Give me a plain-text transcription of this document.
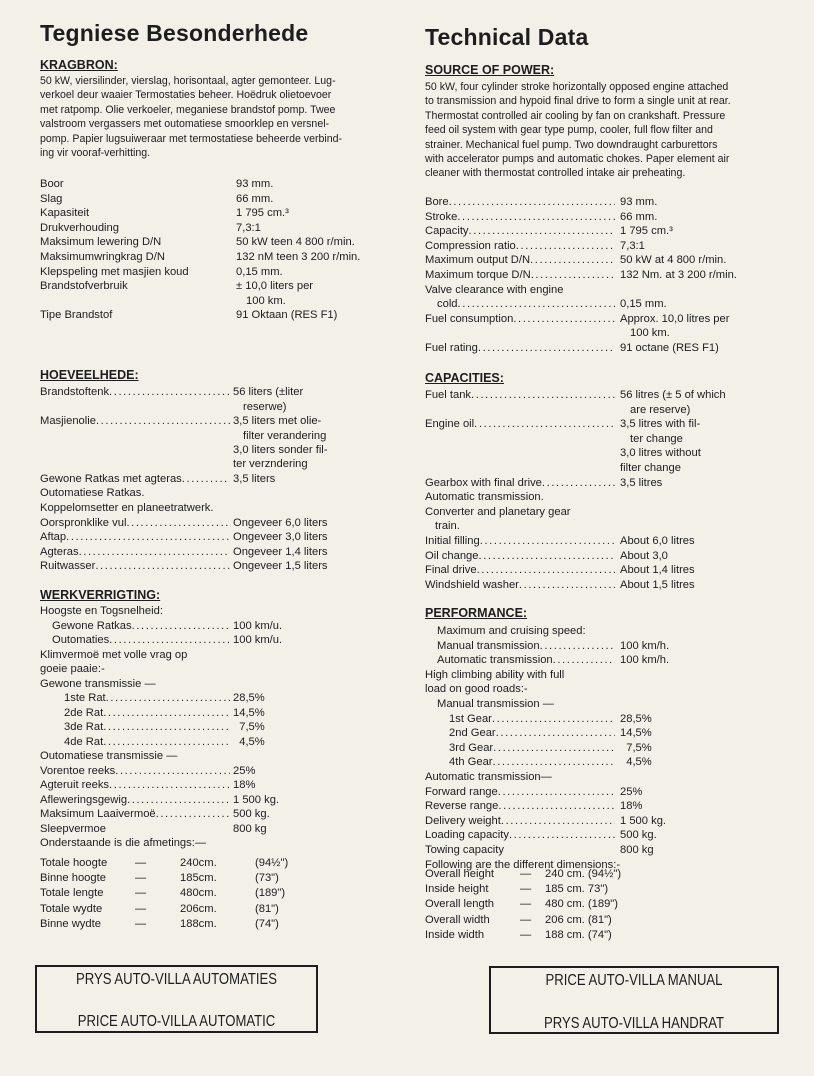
Tegniese Besonderhede
KRAGBRON:
50 kW, viersilinder, vierslag, horisontaal, agter gemonteer. Lug-
verkoel deur waaier Termostaties beheer. Hoëdruk olietoevoer
met ratpomp. Olie verkoeler, meganiese brandstof pomp. Twee
valstroom vergassers met outomatiese smoorklep en versnel-
pomp. Papier lugsuiweraar met termostatiese beheerde verbind-
ing vir vooraf-verhitting.
Boor	93 mm.
Slag	66 mm.
Kapasiteit	1 795 cm.³
Drukverhouding	7,3:1
Maksimum lewering D/N	50 kW teen 4 800 r/min.
Maksimumwringkrag D/N	132 nM teen 3 200 r/min.
Klepspeling met masjien koud	0,15 mm.
Brandstofverbruik	± 10,0 liters per
100 km.
Tipe Brandstof	91 Oktaan (RES F1)
HOEVEELHEDE:
Brandstoftenk .....	56 liters (±liter
reserwe)
Masjienolie .....	3,5 liters met olie-
filter verandering
3,0 liters sonder fil-
ter verzndering
Gewone Ratkas met agteras .....	3,5 liters
Outomatiese Ratkas.
Koppelomsetter en planeetratwerk.
Oorspronklike vul .....	Ongeveer 6,0 liters
Aftap .....	Ongeveer 3,0 liters
Agteras .....	Ongeveer 1,4 liters
Ruitwasser .....	Ongeveer 1,5 liters
WERKVERRIGTING:
Hoogste en Togsnelheid:
Gewone Ratkas .....	100 km/u.
Outomaties .....	100 km/u.
Klimvermoë met volle vrag op
goeie paaie:-
Gewone transmissie —
1ste Rat .....	28,5%
2de Rat .....	14,5%
3de Rat .....	7,5%
4de Rat .....	4,5%
Outomatiese transmissie —
Vorentoe reeks .....	25%
Agteruit reeks .....	18%
Afleweringsgewig .....	1 500 kg.
Maksimum Laaivermoë .....	500 kg.
Sleepvermoe	800 kg
Onderstaande is die afmetings:—
Totale hoogte	—	240cm.	(94½")
Binne hoogte	—	185cm.	(73")
Totale lengte	—	480cm.	(189")
Totale wydte	—	206cm.	(81")
Binne wydte	—	188cm.	(74")
Technical Data
SOURCE OF POWER:
50 kW, four cylinder stroke horizontally opposed engine attached
to transmission and hypoid final drive to form a single unit at rear.
Thermostat controlled air cooling by fan on crankshaft. Pressure
feed oil system with gear type pump, cooler, full flow filter and
strainer. Mechanical fuel pump. Two downdraught carburettors
with accelerator pumps and automatic chokes. Paper element air
cleaner with thermostat controlled intake air preheating.
Bore .....	93 mm.
Stroke .....	66 mm.
Capacity .....	1 795 cm.³
Compression ratio .....	7,3:1
Maximum output D/N .....	50 kW at 4 800 r/min.
Maximum torque D/N .....	132 Nm. at 3 200 r/min.
Valve clearance with engine
cold .....	0,15 mm.
Fuel consumption .....	Approx. 10,0 litres per
100 km.
Fuel rating .....	91 octane (RES F1)
CAPACITIES:
Fuel tank .....	56 litres (± 5 of which
are reserve)
Engine oil .....	3,5 litres with fil-
ter change
3,0 litres without
filter change
Gearbox with final drive .....	3,5 litres
Automatic transmission.
Converter and planetary gear
train.
Initial filling .....	About 6,0 litres
Oil change .....	About 3,0
Final drive .....	About 1,4 litres
Windshield washer .....	About 1,5 litres
PERFORMANCE:
Maximum and cruising speed:
Manual transmission .....	100 km/h.
Automatic transmission .....	100 km/h.
High climbing ability with full
load on good roads:-
Manual transmission —
1st Gear .....	28,5%
2nd Gear .....	14,5%
3rd Gear .....	7,5%
4th Gear .....	4,5%
Automatic transmission—
Forward range .....	25%
Reverse range .....	18%
Delivery weight .....	1 500 kg.
Loading capacity .....	500 kg.
Towing capacity	800 kg
Following are the different dimensions:-
Overall height	—	240 cm. (94½")
Inside height	—	185 cm. 73")
Overall length	—	480 cm. (189")
Overall width	—	206 cm. (81")
Inside width	—	188 cm. (74")
PRYS AUTO-VILLA AUTOMATIES
PRICE AUTO-VILLA AUTOMATIC
PRICE AUTO-VILLA MANUAL
PRYS AUTO-VILLA HANDRAT
